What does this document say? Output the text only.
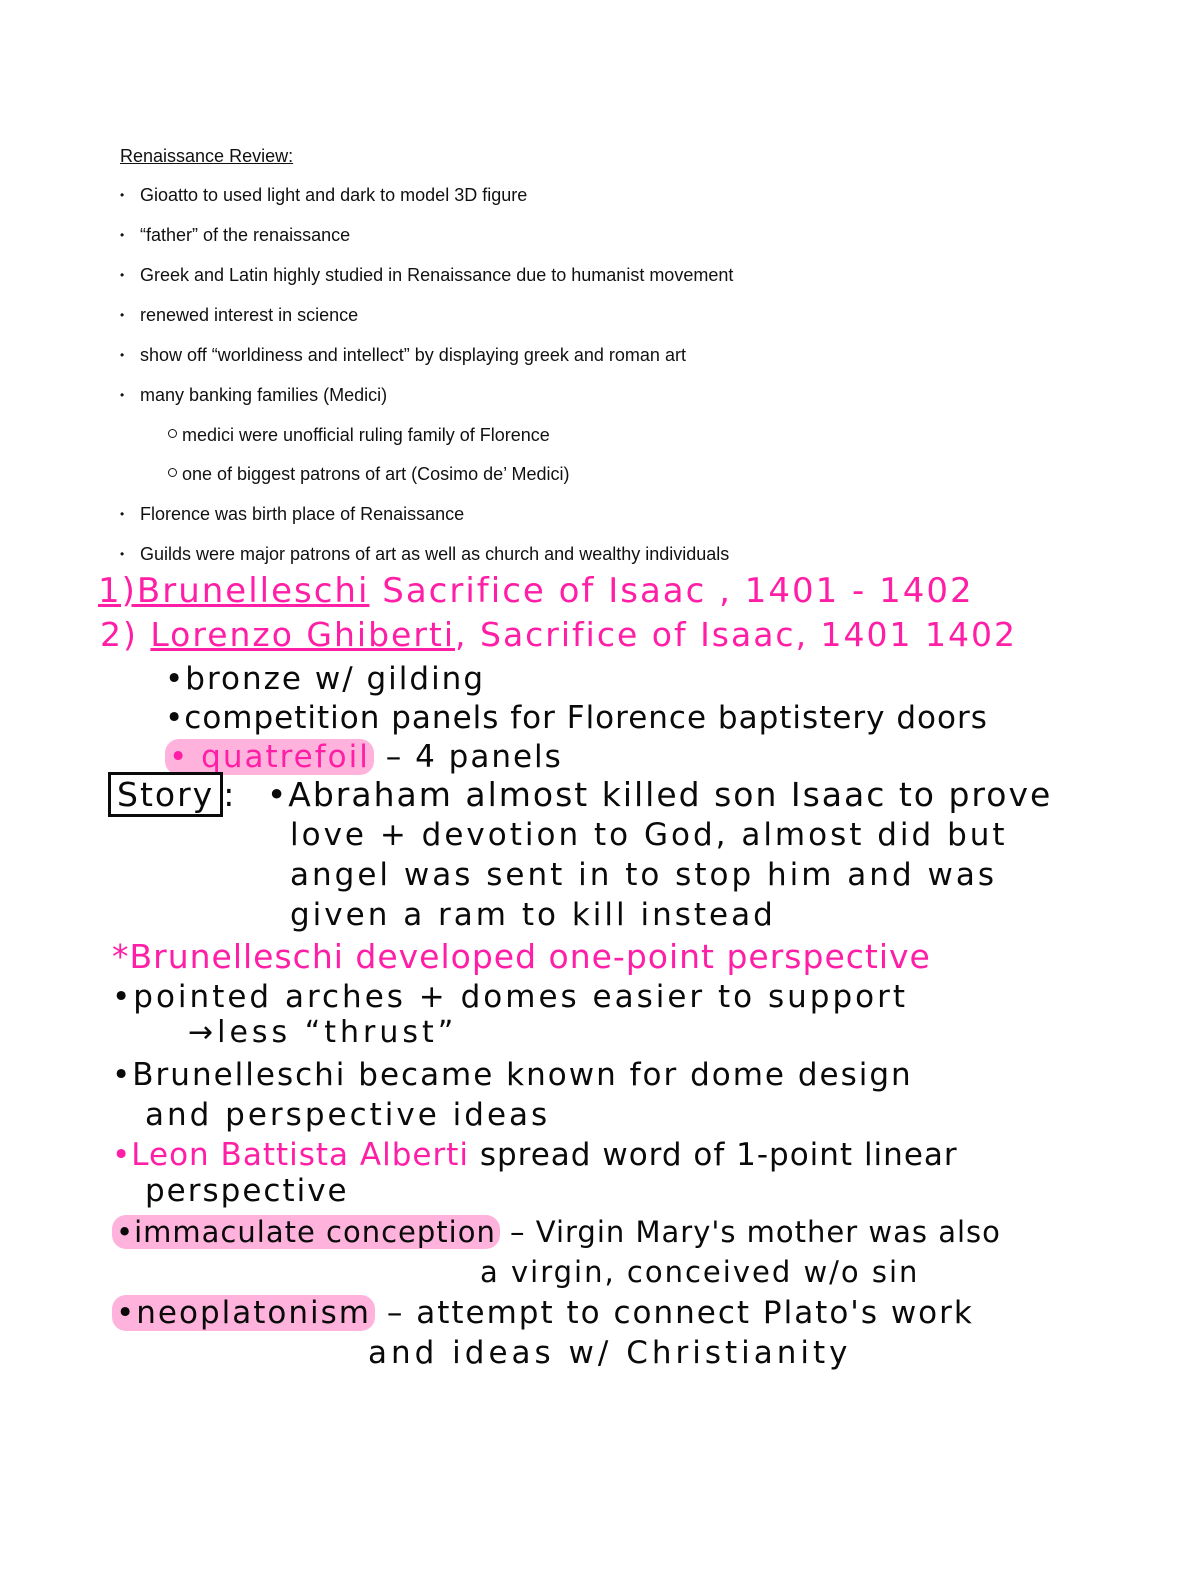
Renaissance Review:
• Gioatto to used light and dark to model 3D figure
• “father” of the renaissance
• Greek and Latin highly studied in Renaissance due to humanist movement
• renewed interest in science
• show off “worldiness and intellect” by displaying greek and roman art
• many banking families (Medici)
medici were unofficial ruling family of Florence
one of biggest patrons of art (Cosimo de’ Medici)
• Florence was birth place of Renaissance
• Guilds were major patrons of art as well as church and wealthy individuals
1)Brunelleschi Sacrifice of Isaac , 1401 - 1402
2) Lorenzo Ghiberti, Sacrifice of Isaac, 1401 1402
•bronze w/ gilding
•competition panels for Florence baptistery doors
• quatrefoil – 4 panels
Story : •Abraham almost killed son Isaac to prove
love + devotion to God, almost did but
angel was sent in to stop him and was
given a ram to kill instead
*Brunelleschi developed one-point perspective
•pointed arches + domes easier to support
→less “thrust”
•Brunelleschi became known for dome design
and perspective ideas
•Leon Battista Alberti spread word of 1-point linear
perspective
•immaculate conception – Virgin Mary's mother was also
a virgin, conceived w/o sin
•neoplatonism – attempt to connect Plato's work
and ideas w/ Christianity
